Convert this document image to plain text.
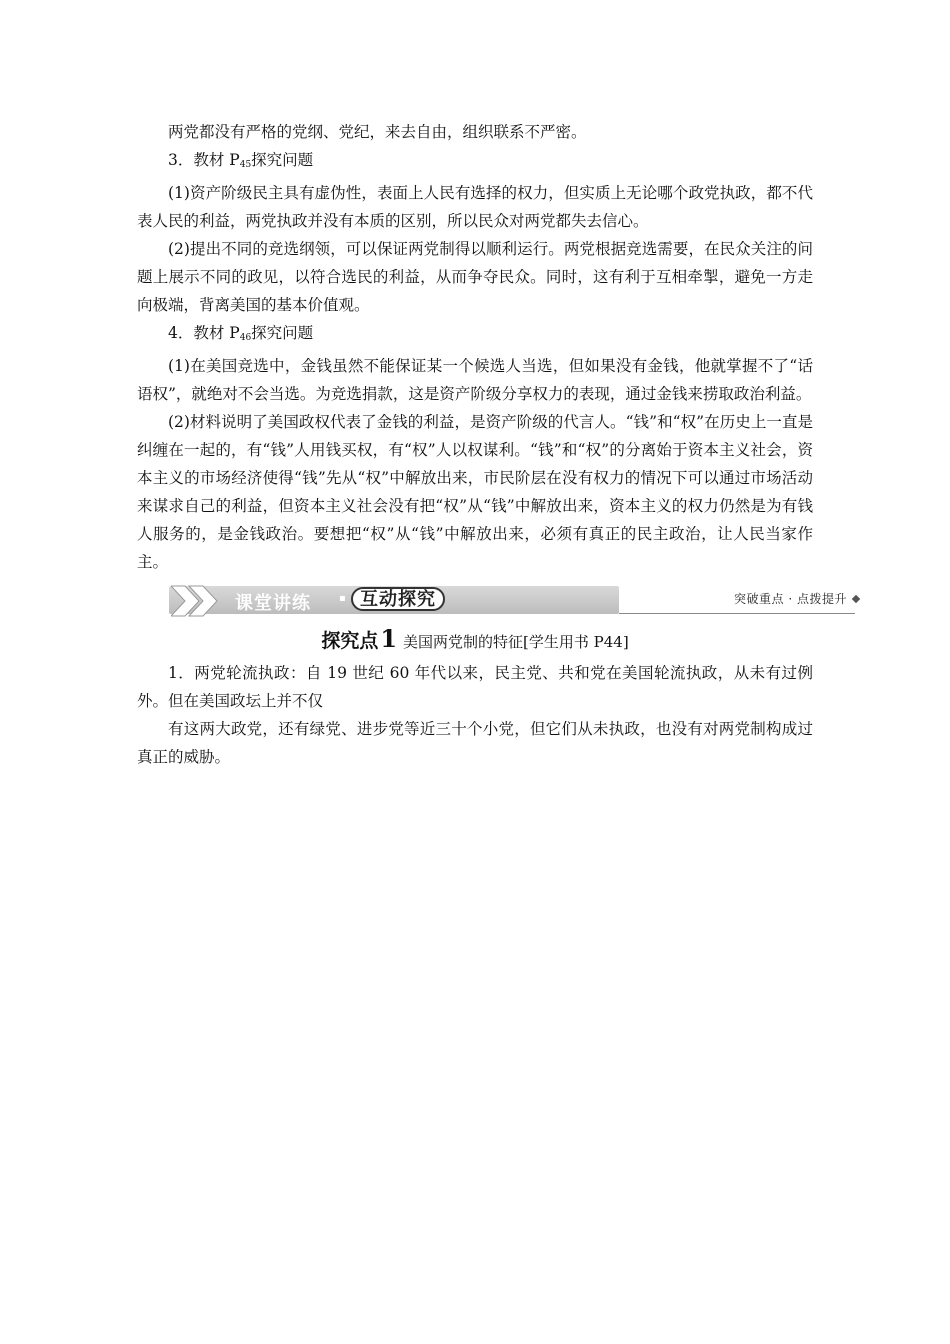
两党都没有严格的党纲、党纪，来去自由，组织联系不严密。

3．教材 P45探究问题

(1)资产阶级民主具有虚伪性，表面上人民有选择的权力，但实质上无论哪个政党执政，都不代表人民的利益，两党执政并没有本质的区别，所以民众对两党都失去信心。

(2)提出不同的竞选纲领，可以保证两党制得以顺利运行。两党根据竞选需要，在民众关注的问题上展示不同的政见，以符合选民的利益，从而争夺民众。同时，这有利于互相牵掣，避免一方走向极端，背离美国的基本价值观。

4．教材 P46探究问题

(1)在美国竞选中，金钱虽然不能保证某一个候选人当选，但如果没有金钱，他就掌握不了“话语权”，就绝对不会当选。为竞选捐款，这是资产阶级分享权力的表现，通过金钱来捞取政治利益。

(2)材料说明了美国政权代表了金钱的利益，是资产阶级的代言人。“钱”和“权”在历史上一直是纠缠在一起的，有“钱”人用钱买权，有“权”人以权谋利。“钱”和“权”的分离始于资本主义社会，资本主义的市场经济使得“钱”先从“权”中解放出来，市民阶层在没有权力的情况下可以通过市场活动来谋求自己的利益，但资本主义社会没有把“权”从“钱”中解放出来，资本主义的权力仍然是为有钱人服务的，是金钱政治。要想把“权”从“钱”中解放出来，必须有真正的民主政治，让人民当家作主。

课堂讲练	▪ 互动探究	突破重点 · 点拨提升
探究点1 美国两党制的特征[学生用书 P44]

1．两党轮流执政：自 19 世纪 60 年代以来，民主党、共和党在美国轮流执政，从未有过例外。但在美国政坛上并不仅

有这两大政党，还有绿党、进步党等近三十个小党，但它们从未执政，也没有对两党制构成过真正的威胁。
